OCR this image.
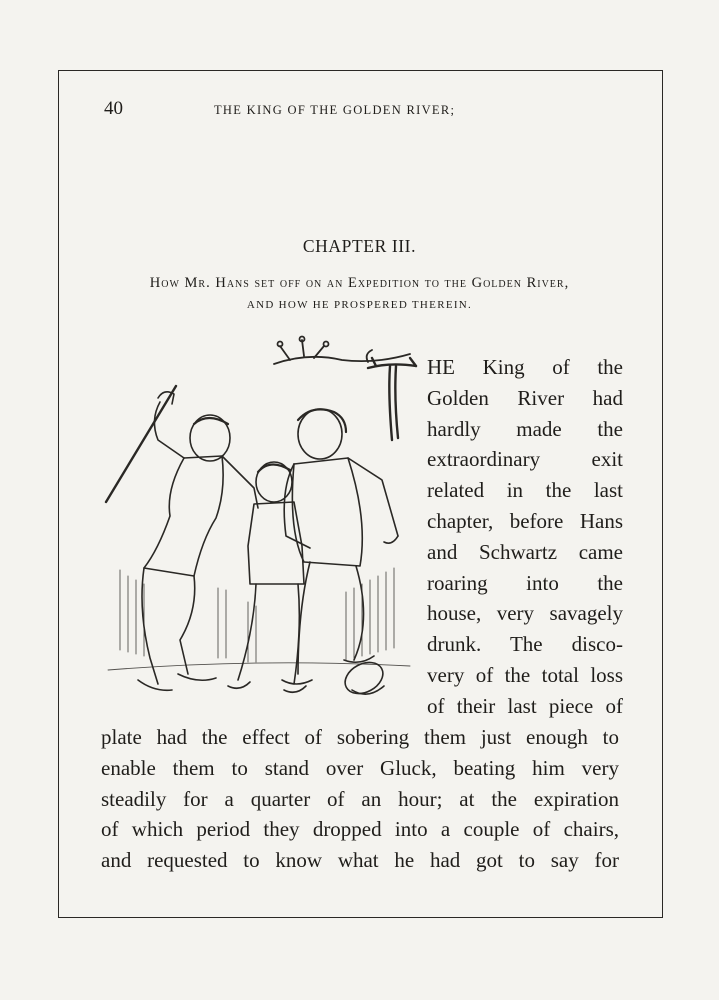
40	THE KING OF THE GOLDEN RIVER;
CHAPTER III.
How Mr. Hans set off on an Expedition to the Golden River,
AND HOW HE PROSPERED THEREIN.
HE King of the
Golden River had
hardly made the
extraordinary exit
related in the last
chapter, before Hans
and Schwartz came
roaring into the
house, very savagely
drunk. The disco-
very of the total loss
of their last piece of
plate had the effect of sobering them just enough to
enable them to stand over Gluck, beating him very
steadily for a quarter of an hour; at the expiration
of which period they dropped into a couple of chairs,
and requested to know what he had got to say for
